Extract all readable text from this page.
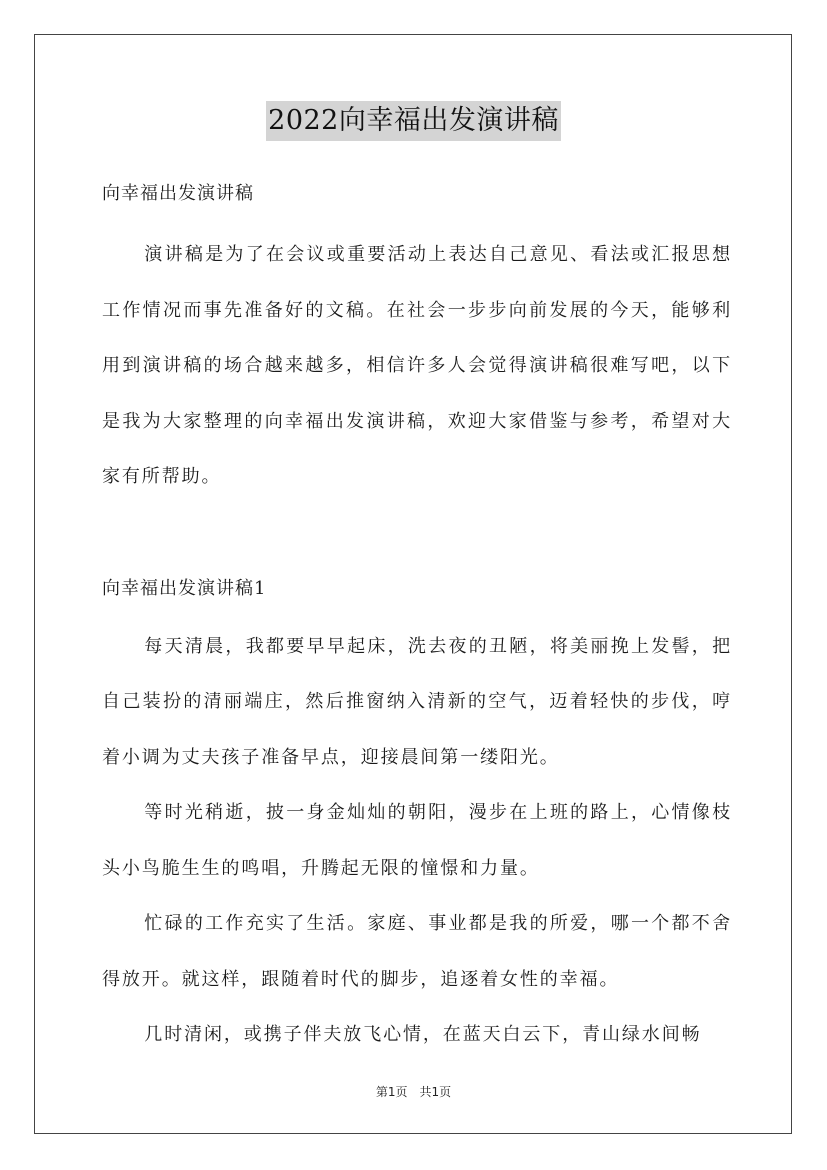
2022向幸福出发演讲稿

向幸福出发演讲稿

演讲稿是为了在会议或重要活动上表达自己意见、看法或汇报思想工作情况而事先准备好的文稿。在社会一步步向前发展的今天，能够利用到演讲稿的场合越来越多，相信许多人会觉得演讲稿很难写吧，以下是我为大家整理的向幸福出发演讲稿，欢迎大家借鉴与参考，希望对大家有所帮助。

向幸福出发演讲稿1

每天清晨，我都要早早起床，洗去夜的丑陋，将美丽挽上发髻，把自己装扮的清丽端庄，然后推窗纳入清新的空气，迈着轻快的步伐，哼着小调为丈夫孩子准备早点，迎接晨间第一缕阳光。

等时光稍逝，披一身金灿灿的朝阳，漫步在上班的路上，心情像枝头小鸟脆生生的鸣唱，升腾起无限的憧憬和力量。

忙碌的工作充实了生活。家庭、事业都是我的所爱，哪一个都不舍得放开。就这样，跟随着时代的脚步，追逐着女性的幸福。

几时清闲，或携子伴夫放飞心情，在蓝天白云下，青山绿水间畅

第1页　共1页
